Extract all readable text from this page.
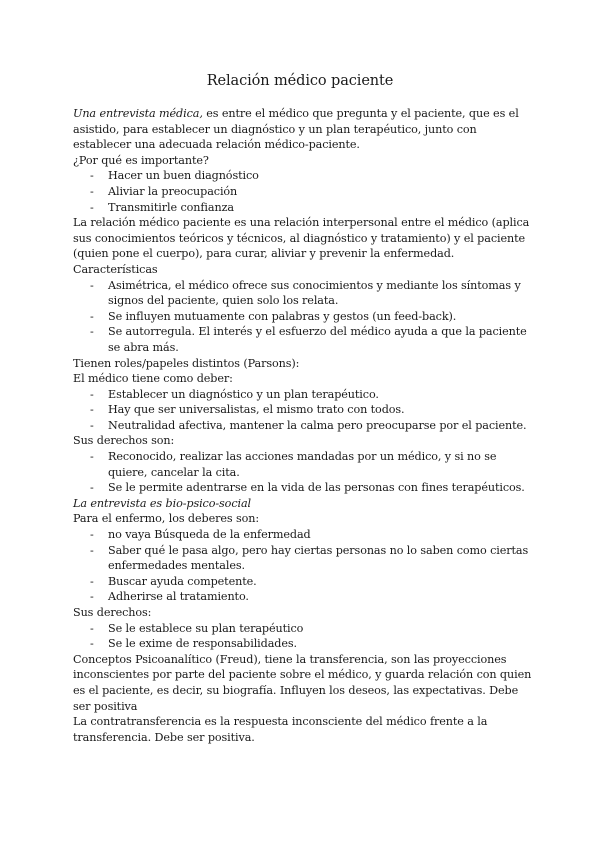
Relación médico paciente

Una entrevista médica, es entre el médico que pregunta y el paciente, que es el asistido, para establecer un diagnóstico y un plan terapéutico, junto con establecer una adecuada relación médico-paciente.

¿Por qué es importante?

- Hacer un buen diagnóstico
- Aliviar la preocupación
- Transmitirle confianza

La relación médico paciente es una relación interpersonal entre el médico (aplica sus conocimientos teóricos y técnicos, al diagnóstico y tratamiento) y el paciente (quien pone el cuerpo), para curar, aliviar y prevenir la enfermedad.

Características

- Asimétrica, el médico ofrece sus conocimientos y mediante los síntomas y signos del paciente, quien solo los relata.
- Se influyen mutuamente con palabras y gestos (un feed-back).
- Se autorregula. El interés y el esfuerzo del médico ayuda a que la paciente se abra más.

Tienen roles/papeles distintos (Parsons):

El médico tiene como deber:

- Establecer un diagnóstico y un plan terapéutico.
- Hay que ser universalistas, el mismo trato con todos.
- Neutralidad afectiva, mantener la calma pero preocuparse por el paciente.

Sus derechos son:

- Reconocido, realizar las acciones mandadas por un médico, y si no se quiere, cancelar la cita.
- Se le permite adentrarse en la vida de las personas con fines terapéuticos.

La entrevista es bio-psico-social

Para el enfermo, los deberes son:

- no vaya Búsqueda de la enfermedad
- Saber qué le pasa algo, pero hay ciertas personas no lo saben como ciertas enfermedades mentales.
- Buscar ayuda competente.
- Adherirse al tratamiento.

Sus derechos:

- Se le establece su plan terapéutico
- Se le exime de responsabilidades.

Conceptos Psicoanalítico (Freud), tiene la transferencia, son las proyecciones inconscientes por parte del paciente sobre el médico, y guarda relación con quien es el paciente, es decir, su biografía. Influyen los deseos, las expectativas. Debe ser positiva

La contratransferencia es la respuesta inconsciente del médico frente a la transferencia. Debe ser positiva.
